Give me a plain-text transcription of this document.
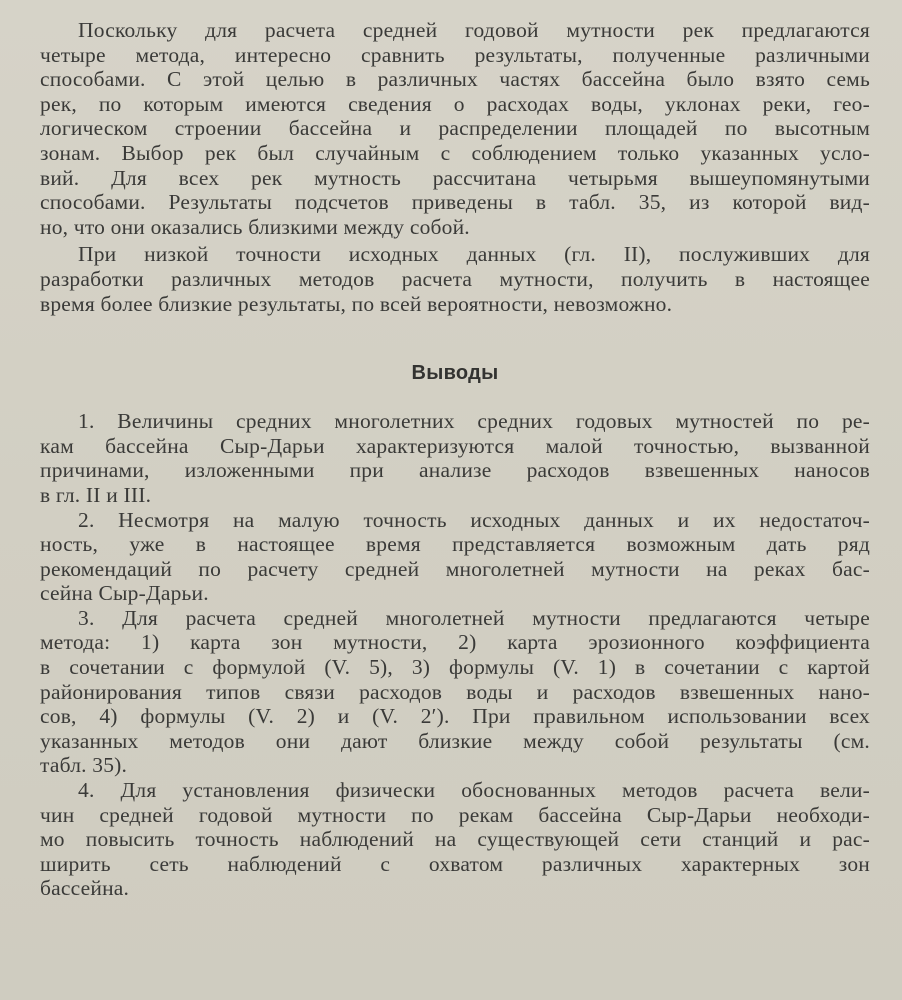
Поскольку для расчета средней годовой мутности рек предлагаются
четыре метода, интересно сравнить результаты, полученные различными
способами. С этой целью в различных частях бассейна было взято семь
рек, по которым имеются сведения о расходах воды, уклонах реки, гео-
логическом строении бассейна и распределении площадей по высотным
зонам. Выбор рек был случайным с соблюдением только указанных усло-
вий. Для всех рек мутность рассчитана четырьмя вышеупомянутыми
способами. Результаты подсчетов приведены в табл. 35, из которой вид-
но, что они оказались близкими между собой.

При низкой точности исходных данных (гл. II), послуживших для
разработки различных методов расчета мутности, получить в настоящее
время более близкие результаты, по всей вероятности, невозможно.

Выводы

1. Величины средних многолетних средних годовых мутностей по ре-
кам бассейна Сыр-Дарьи характеризуются малой точностью, вызванной
причинами, изложенными при анализе расходов взвешенных наносов
в гл. II и III.

2. Несмотря на малую точность исходных данных и их недостаточ-
ность, уже в настоящее время представляется возможным дать ряд
рекомендаций по расчету средней многолетней мутности на реках бас-
сейна Сыр-Дарьи.

3. Для расчета средней многолетней мутности предлагаются четыре
метода: 1) карта зон мутности, 2) карта эрозионного коэффициента
в сочетании с формулой (V. 5), 3) формулы (V. 1) в сочетании с картой
районирования типов связи расходов воды и расходов взвешенных нано-
сов, 4) формулы (V. 2) и (V. 2′). При правильном использовании всех
указанных методов они дают близкие между собой результаты (см.
табл. 35).

4. Для установления физически обоснованных методов расчета вели-
чин средней годовой мутности по рекам бассейна Сыр-Дарьи необходи-
мо повысить точность наблюдений на существующей сети станций и рас-
ширить сеть наблюдений с охватом различных характерных зон
бассейна.
